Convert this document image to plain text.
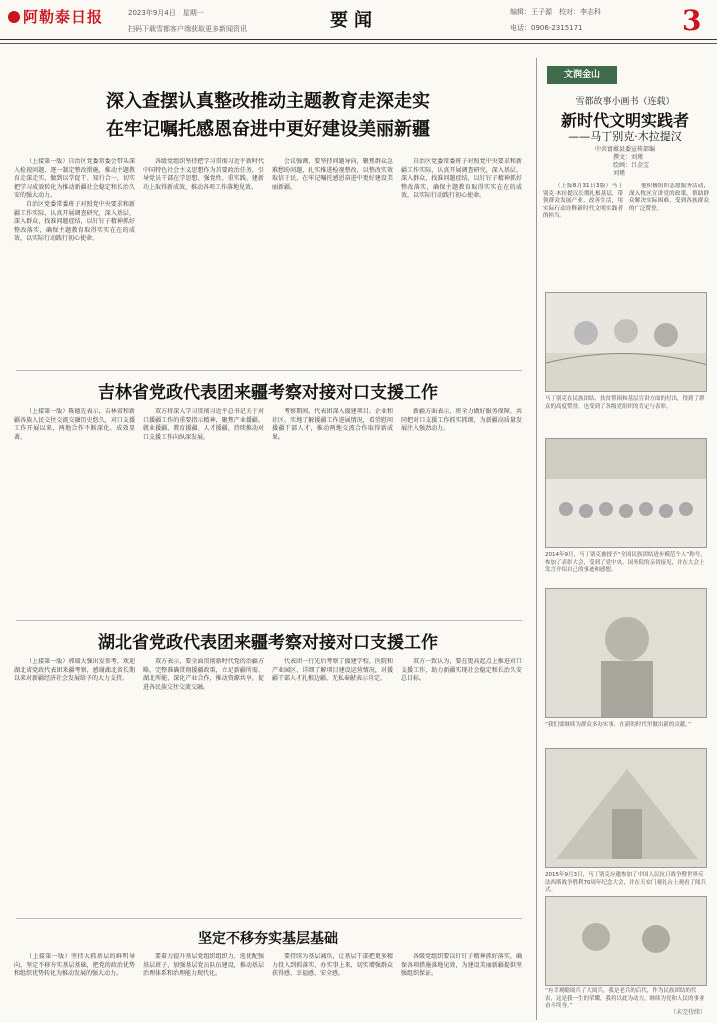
阿勒泰日报	2023年9月4日　星期一
扫码下载雪都客户端获取更多新闻资讯	要闻	编辑：王子源　校对：李志科
电话：0906-2315171	3
深入查摆认真整改推动主题教育走深走实
在牢记嘱托感恩奋进中更好建设美丽新疆

（上接第一版）自治区党委常委会带头深入检视问题、逐一制定整改措施，推动主题教育走深走实，做到以学促干、知行合一，切实把学习成效转化为推动新疆社会稳定和长治久安的强大动力。

自治区党委常委班子对照党中央要求和新疆工作实际，认真开展调查研究，深入基层、深入群众，找准问题症结，以钉钉子精神抓好整改落实，确保主题教育取得实实在在的成效，以实际行动践行初心使命。

各级党组织坚持把学习贯彻习近平新时代中国特色社会主义思想作为首要政治任务，引导党员干部在学思想、强党性、重实践、建新功上取得新成效，推动各项工作落地见效。

会议强调，要坚持问题导向，聚焦群众急难愁盼问题，扎实推进检视整改，以整改实效取信于民，在牢记嘱托感恩奋进中更好建设美丽新疆。

自治区党委常委班子对照党中央要求和新疆工作实际，认真开展调查研究，深入基层、深入群众，找准问题症结，以钉钉子精神抓好整改落实，确保主题教育取得实实在在的成效，以实际行动践行初心使命。

吉林省党政代表团来疆考察对接对口支援工作

（上接第一版）陈德先表示，吉林省和新疆各族人民交往交流交融历史悠久，对口支援工作开展以来，两地合作不断深化，成效显著。

双方将深入学习贯彻习近平总书记关于对口援疆工作的重要指示精神，聚焦产业援疆、就业援疆、教育援疆、人才援疆，持续推动对口支援工作向纵深发展。

考察期间，代表团深入援建项目、企业和社区，实地了解援疆工作进展情况，看望慰问援疆干部人才，推动两地交流合作取得新成果。

新疆方面表示，将全力做好服务保障，共同把对口支援工作抓实抓细，为新疆高质量发展注入强劲动力。

湖北省党政代表团来疆考察对接对口支援工作

（上接第一版）郭瑞大强出发参考，欢迎湖北省党政代表团来疆考察，感谢湖北省长期以来对新疆经济社会发展给予的大力支持。

双方表示，要全面贯彻新时代党的治疆方略，完整准确贯彻援疆政策，立足新疆所需、湖北所能，深化产业合作，推动资源共享，促进各民族交往交流交融。

代表团一行先后考察了援建学校、医院和产业园区，详细了解项目建设运营情况，对援疆干部人才扎根边疆、无私奉献表示肯定。

双方一致认为，要在更高起点上推进对口支援工作，助力新疆实现社会稳定和长治久安总目标。

坚定不移夯实基层基础

（上接第一版）坚持大抓基层的鲜明导向，坚定不移夯实基层基础，把党的政治优势和组织优势转化为推动发展的强大动力。

要着力提升基层党组织组织力，选优配强基层班子，加强基层党员队伍建设，推动基层治理体系和治理能力现代化。

要持续为基层减负，让基层干部把更多精力投入到抓落实、办实事上来，切实增强群众获得感、幸福感、安全感。

各级党组织要以钉钉子精神抓好落实，确保各项措施落地见效，为建设美丽新疆提供坚强组织保证。

文润金山
雪都故事小画书（连载）
新时代文明实践者
——马丁别克·木拉提汉
中共富蕴县委宣传部编
撰文：刘瑾
绘画：吕金宝
刘瑾

（上接8月31日3版）马丁别克·木拉提汉长期扎根基层，带领群众发展产业、改善生活，用实际行动诠释新时代文明实践者的担当。

他积极组织志愿服务活动，深入牧区宣讲党的政策，帮助群众解决实际困难，受到各族群众的广泛赞誉。

马丁别克在民族团结、扶贫帮困和基层宣讲方面的付出，得到了群众的高度赞誉，也受到了各级党组织的肯定与表彰。
2014年9月，马丁别克被授予“全国民族团结进步模范个人”称号，参加了表彰大会，受到了党中央、国务院的亲切接见，并在大会上发言介绍自己的事迹和感想。
“我们要继续为群众多办实事，在新的时代里做出新的贡献。”
2015年9月3日，马丁别克应邀参加了中国人民抗日战争暨世界反法西斯战争胜利70周年纪念大会，并在天安门观礼台上观看了阅兵式。
“有幸观瞻阅兵了大阅兵，我是老兵的后代，作为民族团结的代表，这是我一生的荣耀，我将以此为动力，继续为党和人民的事业奋斗终身。”
（未完待续）
